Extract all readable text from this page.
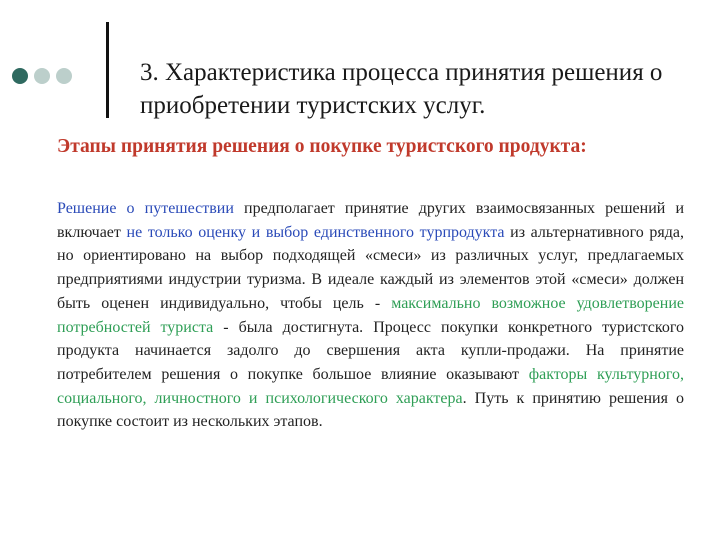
3. Характеристика процесса принятия решения о приобретении туристских услуг.
Этапы принятия решения о покупке туристского продукта:
Решение о путешествии предполагает принятие других взаимосвязанных решений и включает не только оценку и выбор единственного турпродукта из альтернативного ряда, но ориентировано на выбор подходящей «смеси» из различных услуг, предлагаемых предприятиями индустрии туризма. В идеале каждый из элементов этой «смеси» должен быть оценен индивидуально, чтобы цель - максимально возможное удовлетворение потребностей туриста - была достигнута. Процесс покупки конкретного туристского продукта начинается задолго до свершения акта купли-продажи. На принятие потребителем решения о покупке большое влияние оказывают факторы культурного, социального, личностного и психологического характера. Путь к принятию решения о покупке состоит из нескольких этапов.
